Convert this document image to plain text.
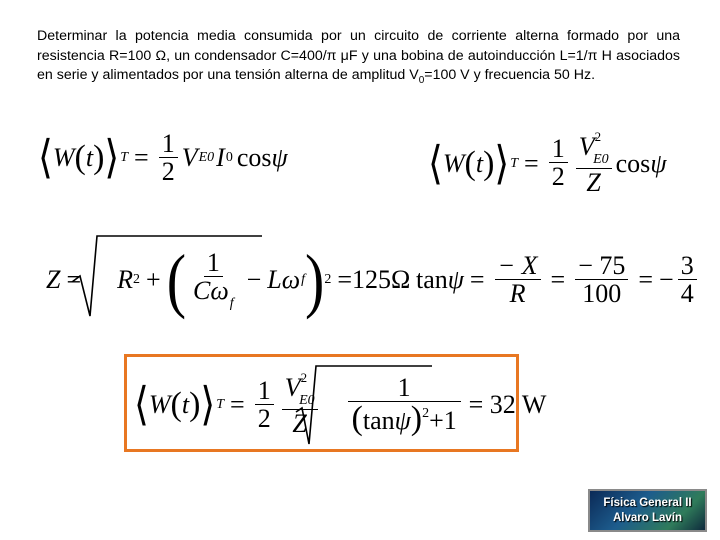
Determinar la potencia media consumida por un circuito de corriente alterna formado por una resistencia R=100 Ω, un condensador C=400/π μF y una bobina de autoinducción L=1/π H asociados en serie y alimentados por una tensión alterna de amplitud $V_0=100$ V y frecuencia 50 Hz.
⟨ W ( t ) ⟩ $T = \frac{1}{2}$ V E0 I 0 cos ψ	⟨ W ( t ) ⟩ $T = \frac{1}{2} \frac{V^2_{E0}}{Z}$ cos ψ
Z = R 2 + ( $\frac{1}{C\omega_f} - L$ ω f ) 2 =125Ω $\tan \psi = \frac{- X}{R} = \frac{- 75}{100}$ = − $\frac{3}{4}$
⟨ W ( t ) ⟩ $T = \frac{1}{2} \frac{V^2_{E0}}{Z} \frac{1}{(\tan\psi)^2+1} = 32$ W
Física General II
Alvaro Lavín
